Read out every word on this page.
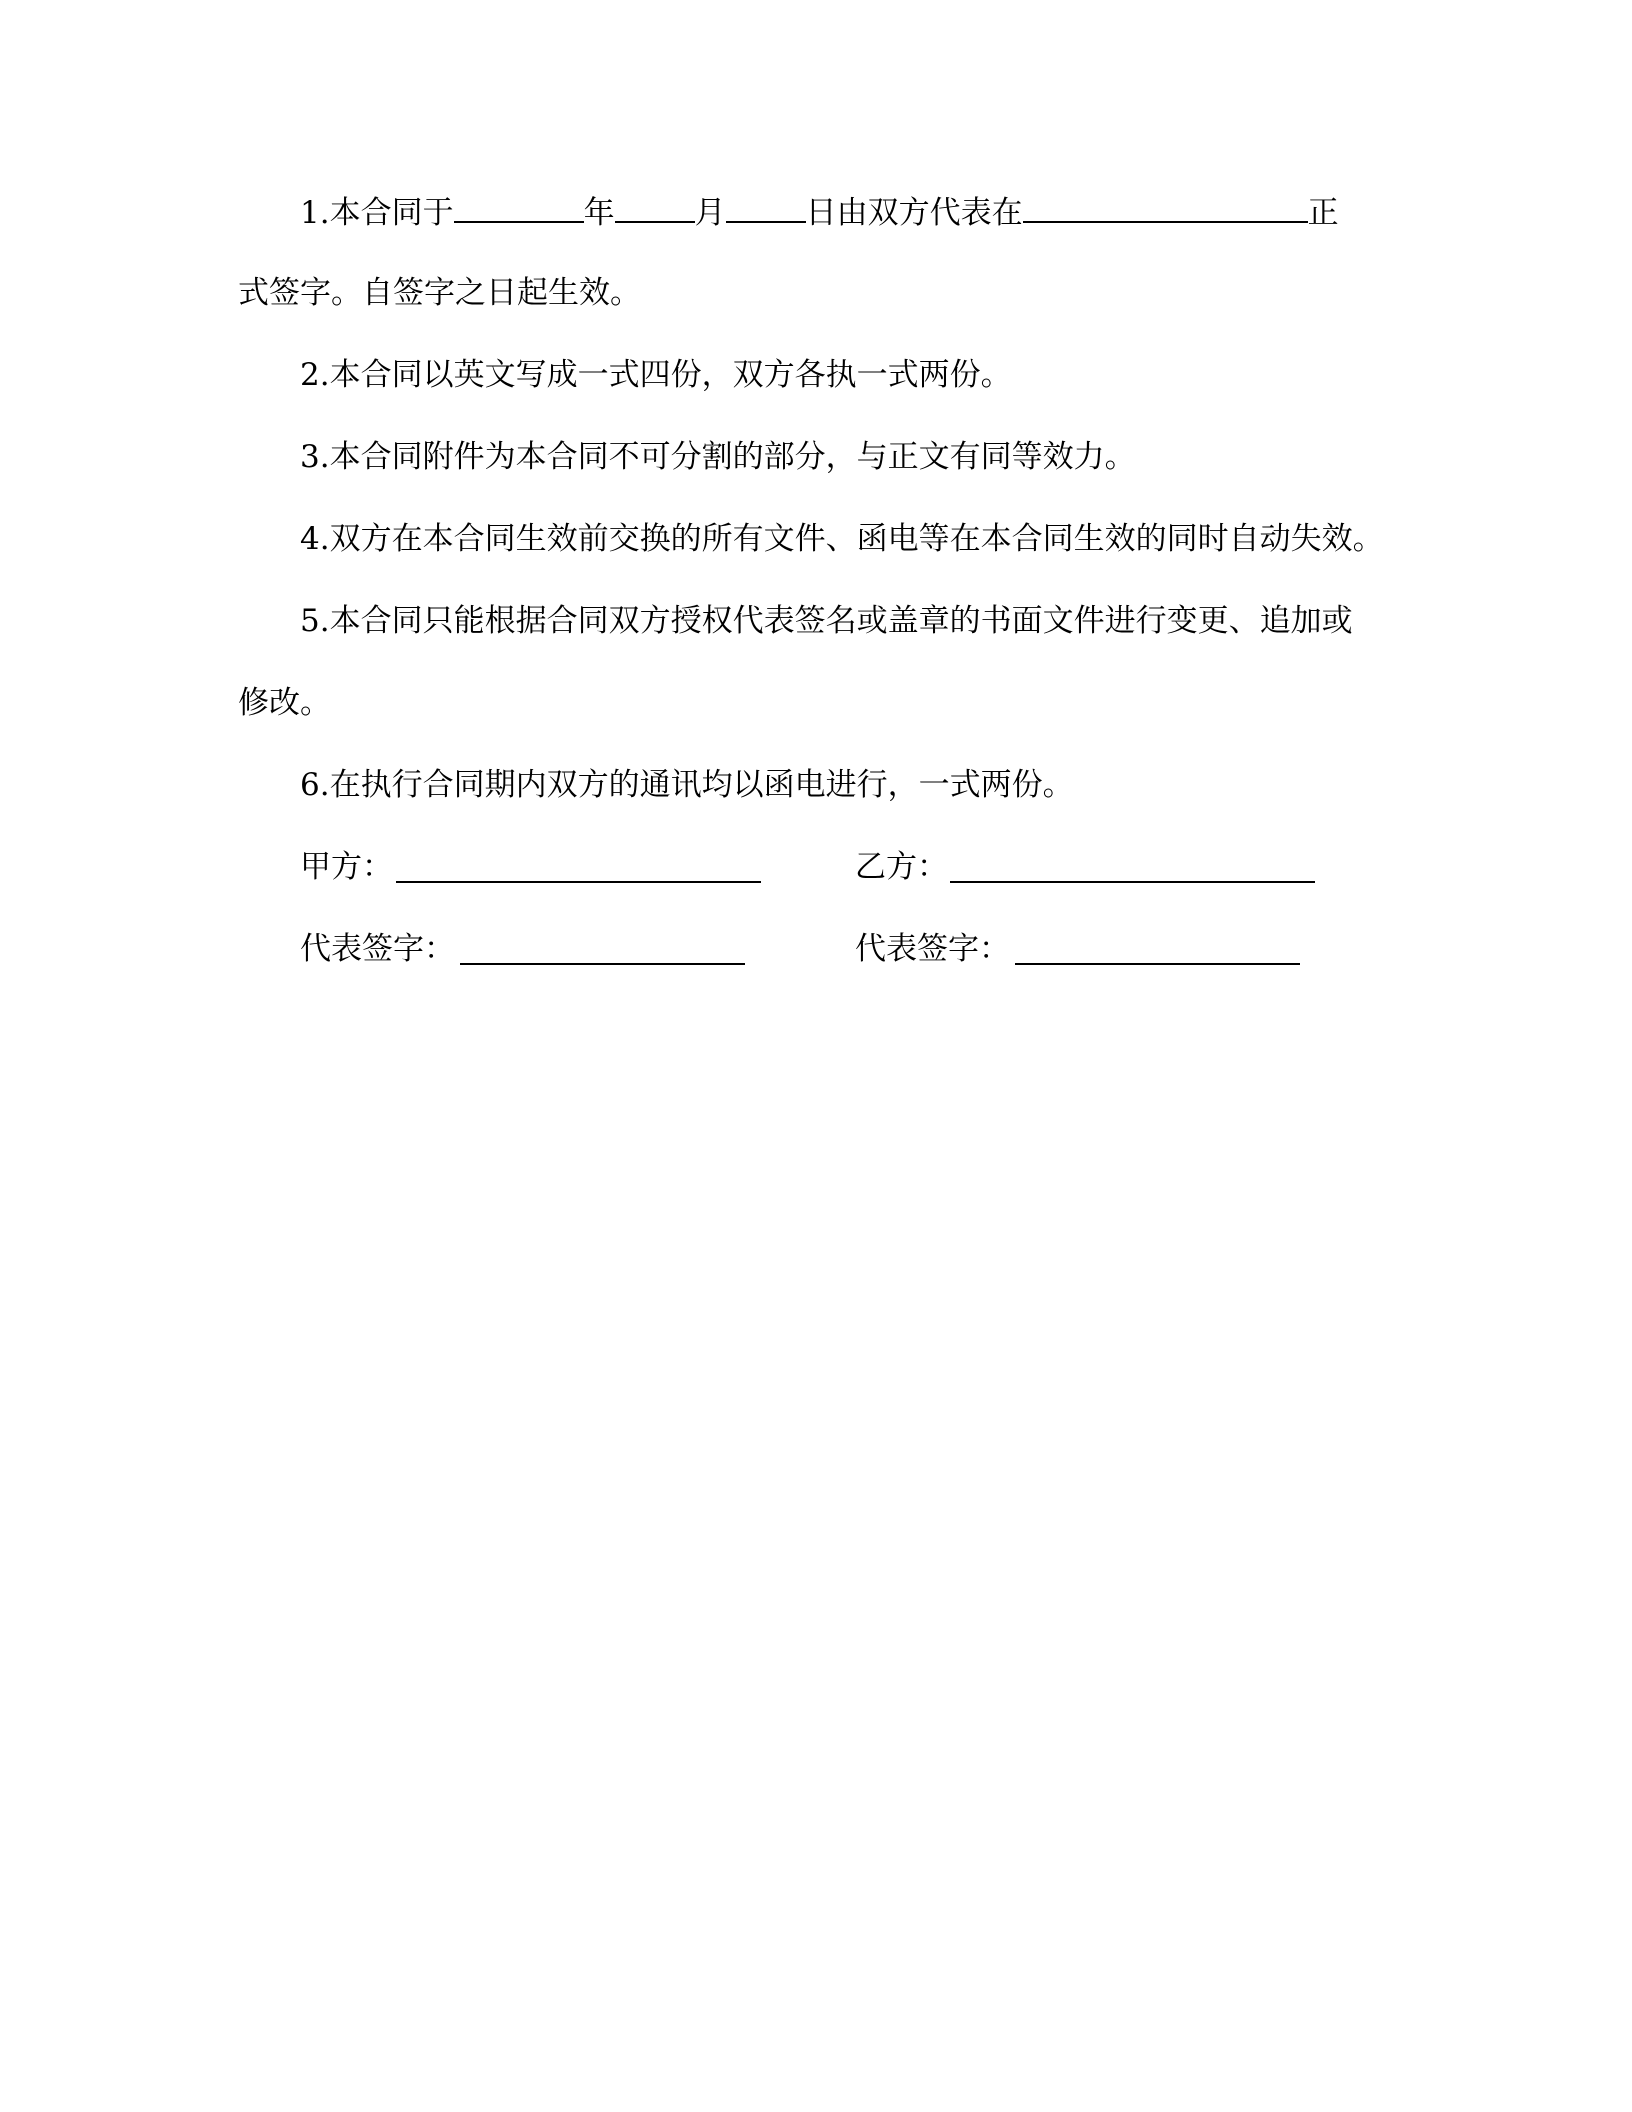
1.本合同于	年	月	日由双方代表在	正
式签字。自签字之日起生效。
2.本合同以英文写成一式四份，双方各执一式两份。
3.本合同附件为本合同不可分割的部分，与正文有同等效力。
4.双方在本合同生效前交换的所有文件、函电等在本合同生效的同时自动失效。
5.本合同只能根据合同双方授权代表签名或盖章的书面文件进行变更、追加或
修改。
6.在执行合同期内双方的通讯均以函电进行，一式两份。
甲方：	乙方：
代表签字：	代表签字：
